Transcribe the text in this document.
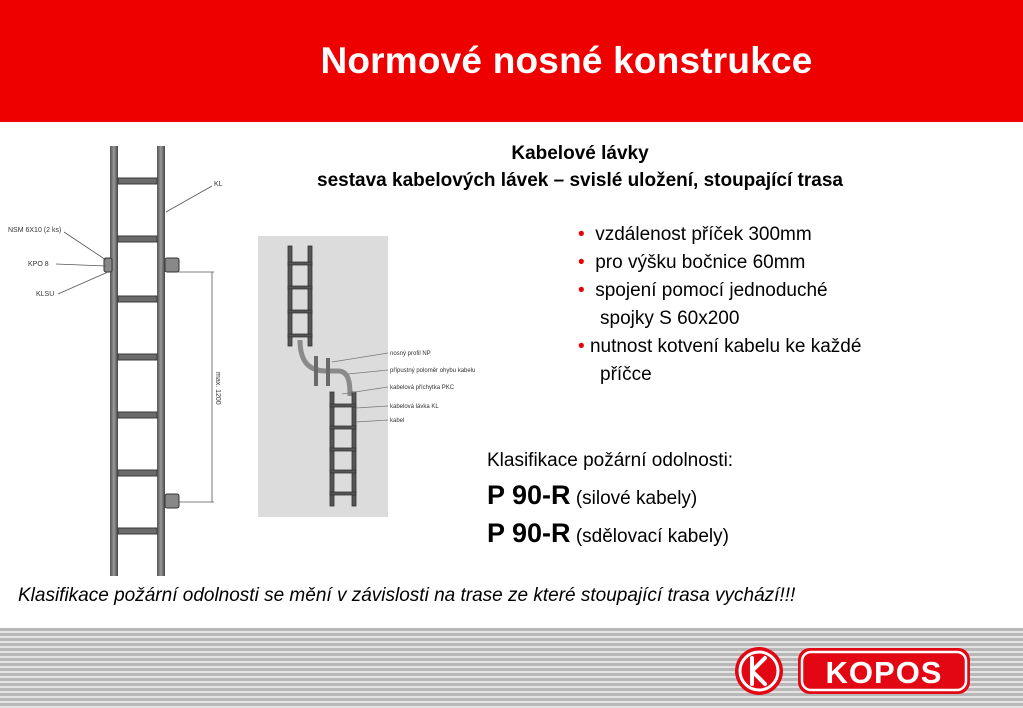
Normové nosné konstrukce
Kabelové lávky
sestava kabelových lávek – svislé uložení, stoupající trasa
KL
NSM 6X10 (2 ks)
KPO 8
KLSU
max. 1200
nosný profil NP
přípustný poloměr ohybu kabelu
kabelová příchytka PKC
kabelová lávka KL
kabel
• vzdálenost příček 300mm
• pro výšku bočnice 60mm
• spojení pomocí jednoduché
spojky S 60x200
• nutnost kotvení kabelu ke každé
příčce
Klasifikace požární odolnosti:
P 90-R (silové kabely)
P 90-R (sdělovací kabely)
Klasifikace požární odolnosti se mění v závislosti na trase ze které stoupající trasa vychází!!!
KOPOS
